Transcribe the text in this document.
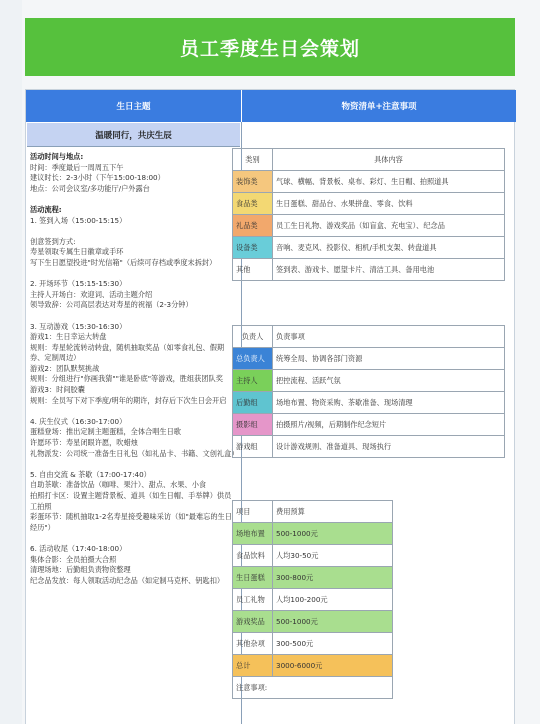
员工季度生日会策划
生日主题	物资清单+注意事项
温暖同行，共庆生辰
活动时间与地点:
时间：季度最后一周周五下午
建议时长：2-3小时（下午15:00-18:00）
地点：公司会议室/多功能厅/户外露台
活动流程:
1. 签到入场（15:00-15:15）
创意签到方式:
寿星领取专属生日徽章或手环
写下生日愿望投进"时光信箱"（后续可存档或季度末拆封）
2. 开场环节（15:15-15:30）
主持人开场白：欢迎词、活动主题介绍
领导致辞：公司高层表达对寿星的祝福（2-3分钟）
3. 互动游戏（15:30-16:30）
游戏1：生日幸运大转盘
规则：寿星轮流转动转盘，随机抽取奖品（如零食礼包、假期券、定制周边）
游戏2：团队默契挑战
规则：分组进行"你画我猜""谁是卧底"等游戏，胜组获团队奖
游戏3：时间胶囊
规则：全员写下对下季度/明年的期许，封存后下次生日会开启
4. 庆生仪式（16:30-17:00）
蛋糕登场：推出定制主题蛋糕，全体合唱生日歌
许愿环节：寿星闭眼许愿，吹蜡烛
礼物派发：公司统一准备生日礼包（如礼品卡、书籍、文创礼盒）
5. 自由交流 & 茶歇（17:00-17:40）
自助茶歇：准备饮品（咖啡、果汁）、甜点、水果、小食
拍照打卡区：设置主题背景板、道具（如生日帽、手举牌）供员工拍照
彩蛋环节：随机抽取1-2名寿星接受趣味采访（如"最难忘的生日经历"）
6. 活动收尾（17:40-18:00）
集体合影：全员拍摄大合照
清理场地：后勤组负责物资整理
纪念品发放：每人领取活动纪念品（如定制马克杯、钥匙扣）
类别	具体内容
装饰类	气球、横幅、背景板、桌布、彩灯、生日帽、拍照道具
食品类	生日蛋糕、甜品台、水果拼盘、零食、饮料
礼品类	员工生日礼物、游戏奖品（如盲盒、充电宝）、纪念品
设备类	音响、麦克风、投影仪、相机/手机支架、转盘道具
其他	签到表、游戏卡、愿望卡片、清洁工具、备用电池
负责人	负责事项
总负责人	统筹全局、协调各部门资源
主持人	把控流程、活跃气氛
后勤组	场地布置、物资采购、茶歇准备、现场清理
摄影组	拍摄照片/视频，后期制作纪念短片
游戏组	设计游戏规则、准备道具、现场执行
项目	费用预算
场地布置	500-1000元
食品饮料	人均30-50元
生日蛋糕	300-800元
员工礼物	人均100-200元
游戏奖品	500-1000元
其他杂项	300-500元
总计	3000-6000元
注意事项:	
